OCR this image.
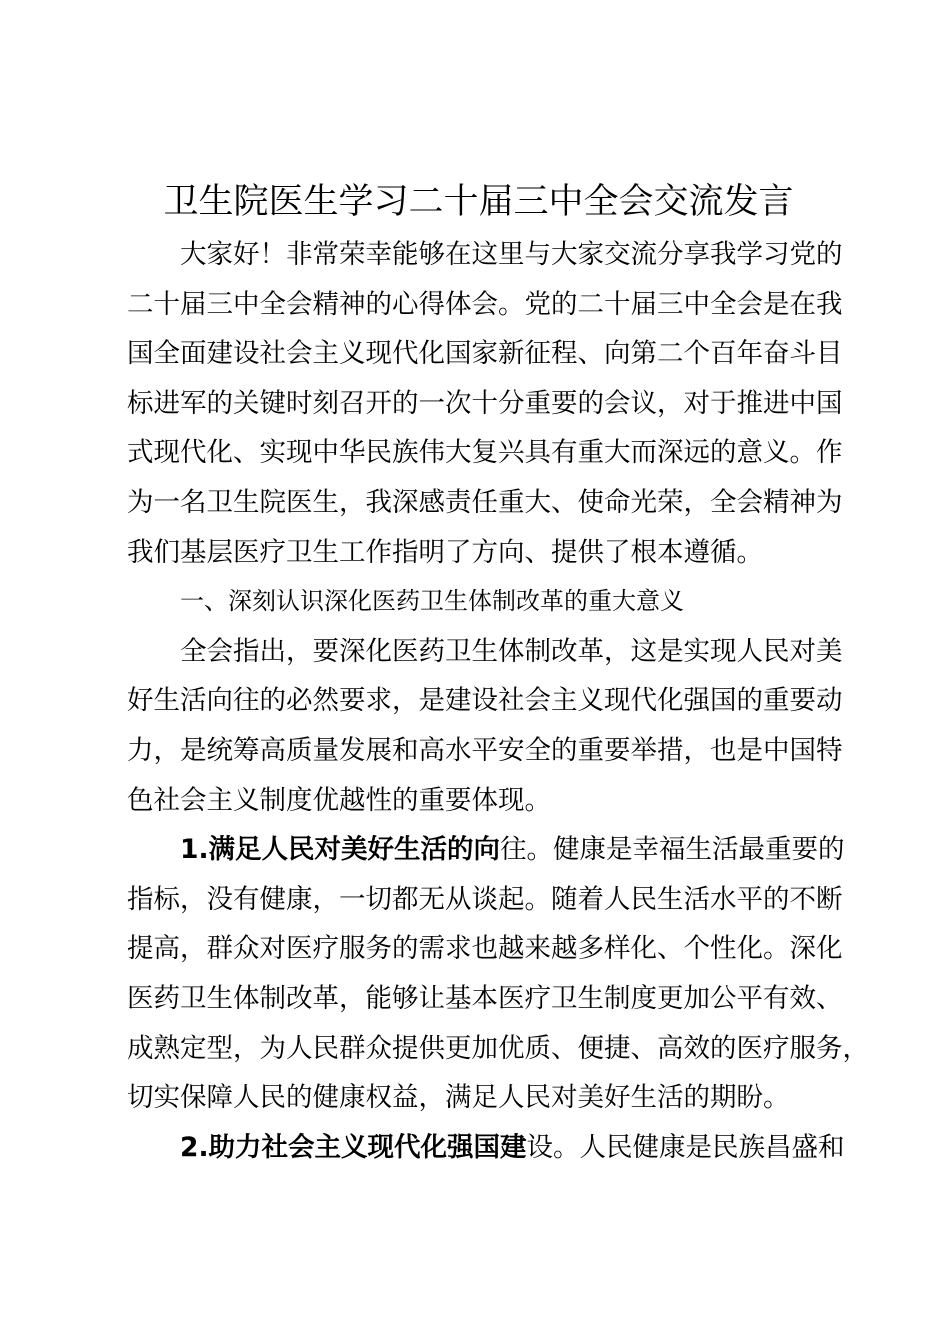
卫生院医生学习二十届三中全会交流发言

大家好！非常荣幸能够在这里与大家交流分享我学习党的

二十届三中全会精神的心得体会。党的二十届三中全会是在我

国全面建设社会主义现代化国家新征程、向第二个百年奋斗目

标进军的关键时刻召开的一次十分重要的会议，对于推进中国

式现代化、实现中华民族伟大复兴具有重大而深远的意义。作

为一名卫生院医生，我深感责任重大、使命光荣，全会精神为

我们基层医疗卫生工作指明了方向、提供了根本遵循。

一、深刻认识深化医药卫生体制改革的重大意义

全会指出，要深化医药卫生体制改革，这是实现人民对美

好生活向往的必然要求，是建设社会主义现代化强国的重要动

力，是统筹高质量发展和高水平安全的重要举措，也是中国特

色社会主义制度优越性的重要体现。

1.满足人民对美好生活的向往。健康是幸福生活最重要的

指标，没有健康，一切都无从谈起。随着人民生活水平的不断

提高，群众对医疗服务的需求也越来越多样化、个性化。深化

医药卫生体制改革，能够让基本医疗卫生制度更加公平有效、

成熟定型，为人民群众提供更加优质、便捷、高效的医疗服务，

切实保障人民的健康权益，满足人民对美好生活的期盼。

2.助力社会主义现代化强国建设。人民健康是民族昌盛和
